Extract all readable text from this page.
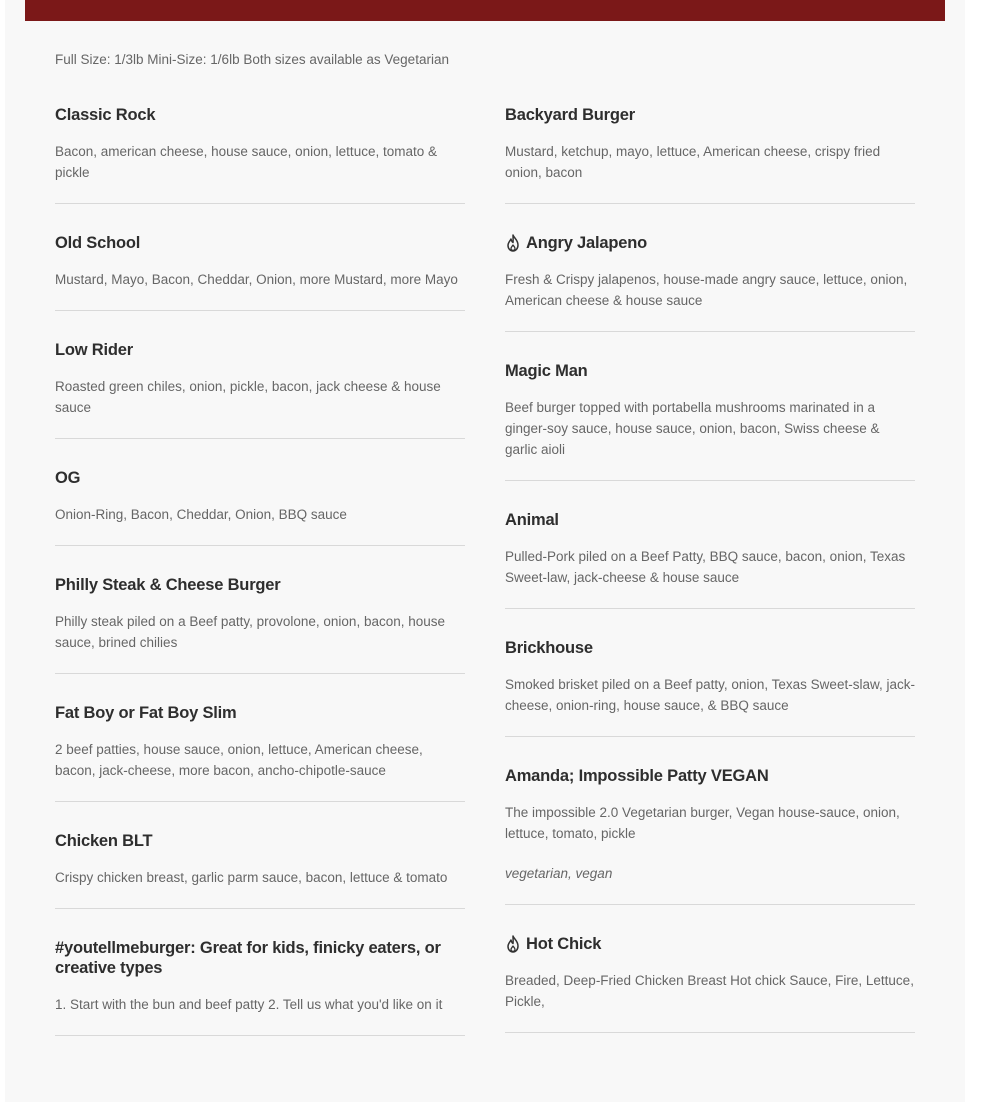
Full Size: 1/3lb Mini-Size: 1/6lb Both sizes available as Vegetarian
Classic Rock
Bacon, american cheese, house sauce, onion, lettuce, tomato & pickle
Old School
Mustard, Mayo, Bacon, Cheddar, Onion, more Mustard, more Mayo
Low Rider
Roasted green chiles, onion, pickle, bacon, jack cheese & house sauce
OG
Onion-Ring, Bacon, Cheddar, Onion, BBQ sauce
Philly Steak & Cheese Burger
Philly steak piled on a Beef patty, provolone, onion, bacon, house sauce, brined chilies
Fat Boy or Fat Boy Slim
2 beef patties, house sauce, onion, lettuce, American cheese, bacon, jack-cheese, more bacon, ancho-chipotle-sauce
Chicken BLT
Crispy chicken breast, garlic parm sauce, bacon, lettuce & tomato
#youtellmeburger: Great for kids, finicky eaters, or creative types
1. Start with the bun and beef patty 2. Tell us what you'd like on it
Backyard Burger
Mustard, ketchup, mayo, lettuce, American cheese, crispy fried onion, bacon
Angry Jalapeno
Fresh & Crispy jalapenos, house-made angry sauce, lettuce, onion, American cheese & house sauce
Magic Man
Beef burger topped with portabella mushrooms marinated in a ginger-soy sauce, house sauce, onion, bacon, Swiss cheese & garlic aioli
Animal
Pulled-Pork piled on a Beef Patty, BBQ sauce, bacon, onion, Texas Sweet-law, jack-cheese & house sauce
Brickhouse
Smoked brisket piled on a Beef patty, onion, Texas Sweet-slaw, jack-cheese, onion-ring, house sauce, & BBQ sauce
Amanda; Impossible Patty VEGAN
The impossible 2.0 Vegetarian burger, Vegan house-sauce, onion, lettuce, tomato, pickle
vegetarian, vegan
Hot Chick
Breaded, Deep-Fried Chicken Breast Hot chick Sauce, Fire, Lettuce, Pickle,
